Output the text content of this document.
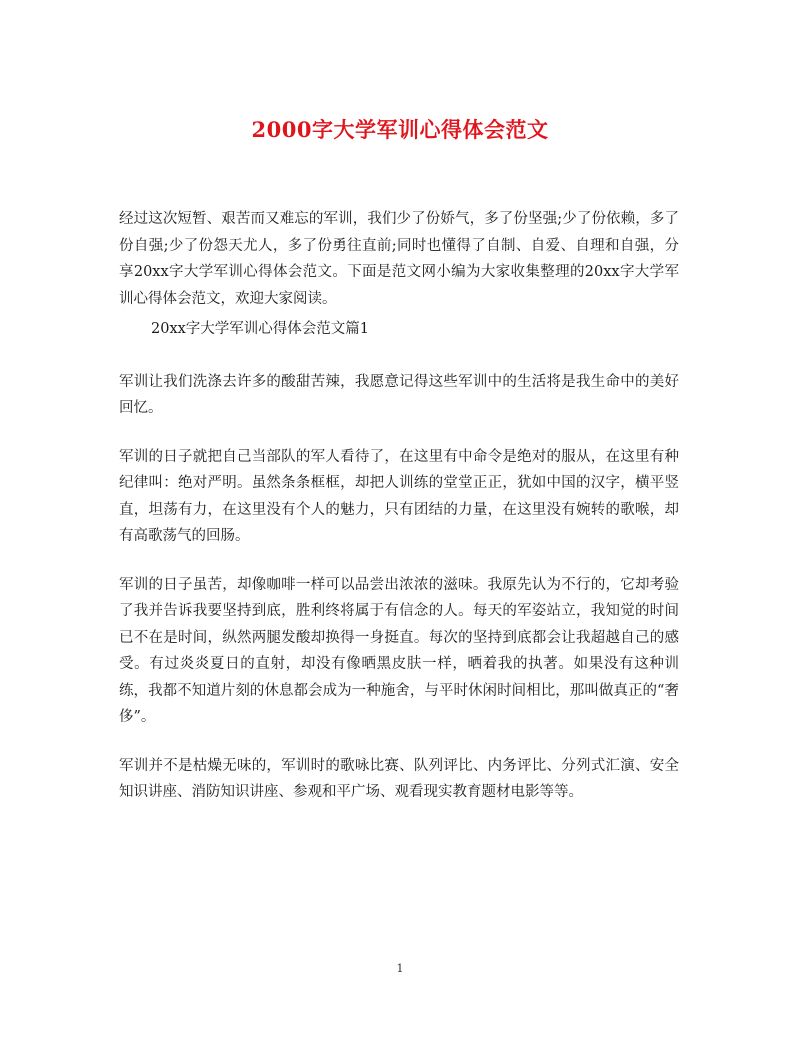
2000字大学军训心得体会范文

经过这次短暂、艰苦而又难忘的军训，我们少了份娇气，多了份坚强;少了份依赖，多了份自强;少了份怨天尤人，多了份勇往直前;同时也懂得了自制、自爱、自理和自强，分享20xx字大学军训心得体会范文。下面是范文网小编为大家收集整理的20xx字大学军训心得体会范文，欢迎大家阅读。

20xx字大学军训心得体会范文篇1

军训让我们洗涤去许多的酸甜苦辣，我愿意记得这些军训中的生活将是我生命中的美好回忆。

军训的日子就把自己当部队的军人看待了，在这里有中命令是绝对的服从，在这里有种纪律叫：绝对严明。虽然条条框框，却把人训练的堂堂正正，犹如中国的汉字，横平竖直，坦荡有力，在这里没有个人的魅力，只有团结的力量，在这里没有婉转的歌喉，却有高歌荡气的回肠。

军训的日子虽苦，却像咖啡一样可以品尝出浓浓的滋味。我原先认为不行的，它却考验了我并告诉我要坚持到底，胜利终将属于有信念的人。每天的军姿站立，我知觉的时间已不在是时间，纵然两腿发酸却换得一身挺直。每次的坚持到底都会让我超越自己的感受。有过炎炎夏日的直射，却没有像晒黑皮肤一样，晒着我的执著。如果没有这种训练，我都不知道片刻的休息都会成为一种施舍，与平时休闲时间相比，那叫做真正的“奢侈”。

军训并不是枯燥无味的，军训时的歌咏比赛、队列评比、内务评比、分列式汇演、安全知识讲座、消防知识讲座、参观和平广场、观看现实教育题材电影等等。

1
